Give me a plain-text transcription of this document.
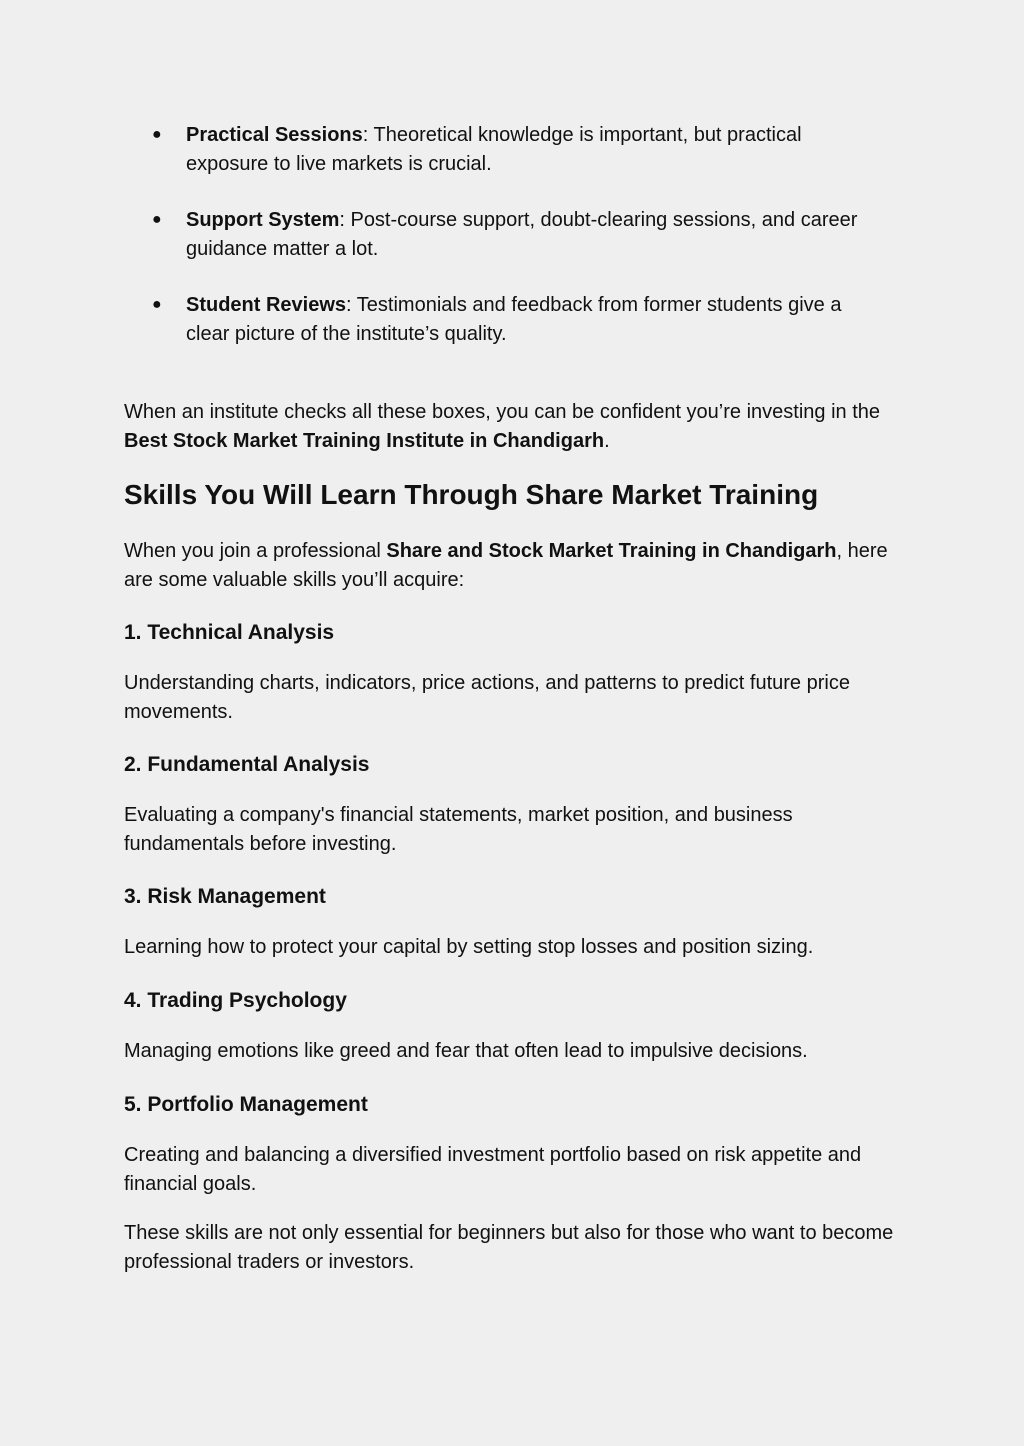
● Practical Sessions: Theoretical knowledge is important, but practical exposure to live markets is crucial.
● Support System: Post-course support, doubt-clearing sessions, and career guidance matter a lot.
● Student Reviews: Testimonials and feedback from former students give a clear picture of the institute’s quality.

When an institute checks all these boxes, you can be confident you’re investing in the Best Stock Market Training Institute in Chandigarh.

Skills You Will Learn Through Share Market Training

When you join a professional Share and Stock Market Training in Chandigarh, here are some valuable skills you’ll acquire:

1. Technical Analysis

Understanding charts, indicators, price actions, and patterns to predict future price movements.

2. Fundamental Analysis

Evaluating a company's financial statements, market position, and business fundamentals before investing.

3. Risk Management

Learning how to protect your capital by setting stop losses and position sizing.

4. Trading Psychology

Managing emotions like greed and fear that often lead to impulsive decisions.

5. Portfolio Management

Creating and balancing a diversified investment portfolio based on risk appetite and financial goals.

These skills are not only essential for beginners but also for those who want to become professional traders or investors.
